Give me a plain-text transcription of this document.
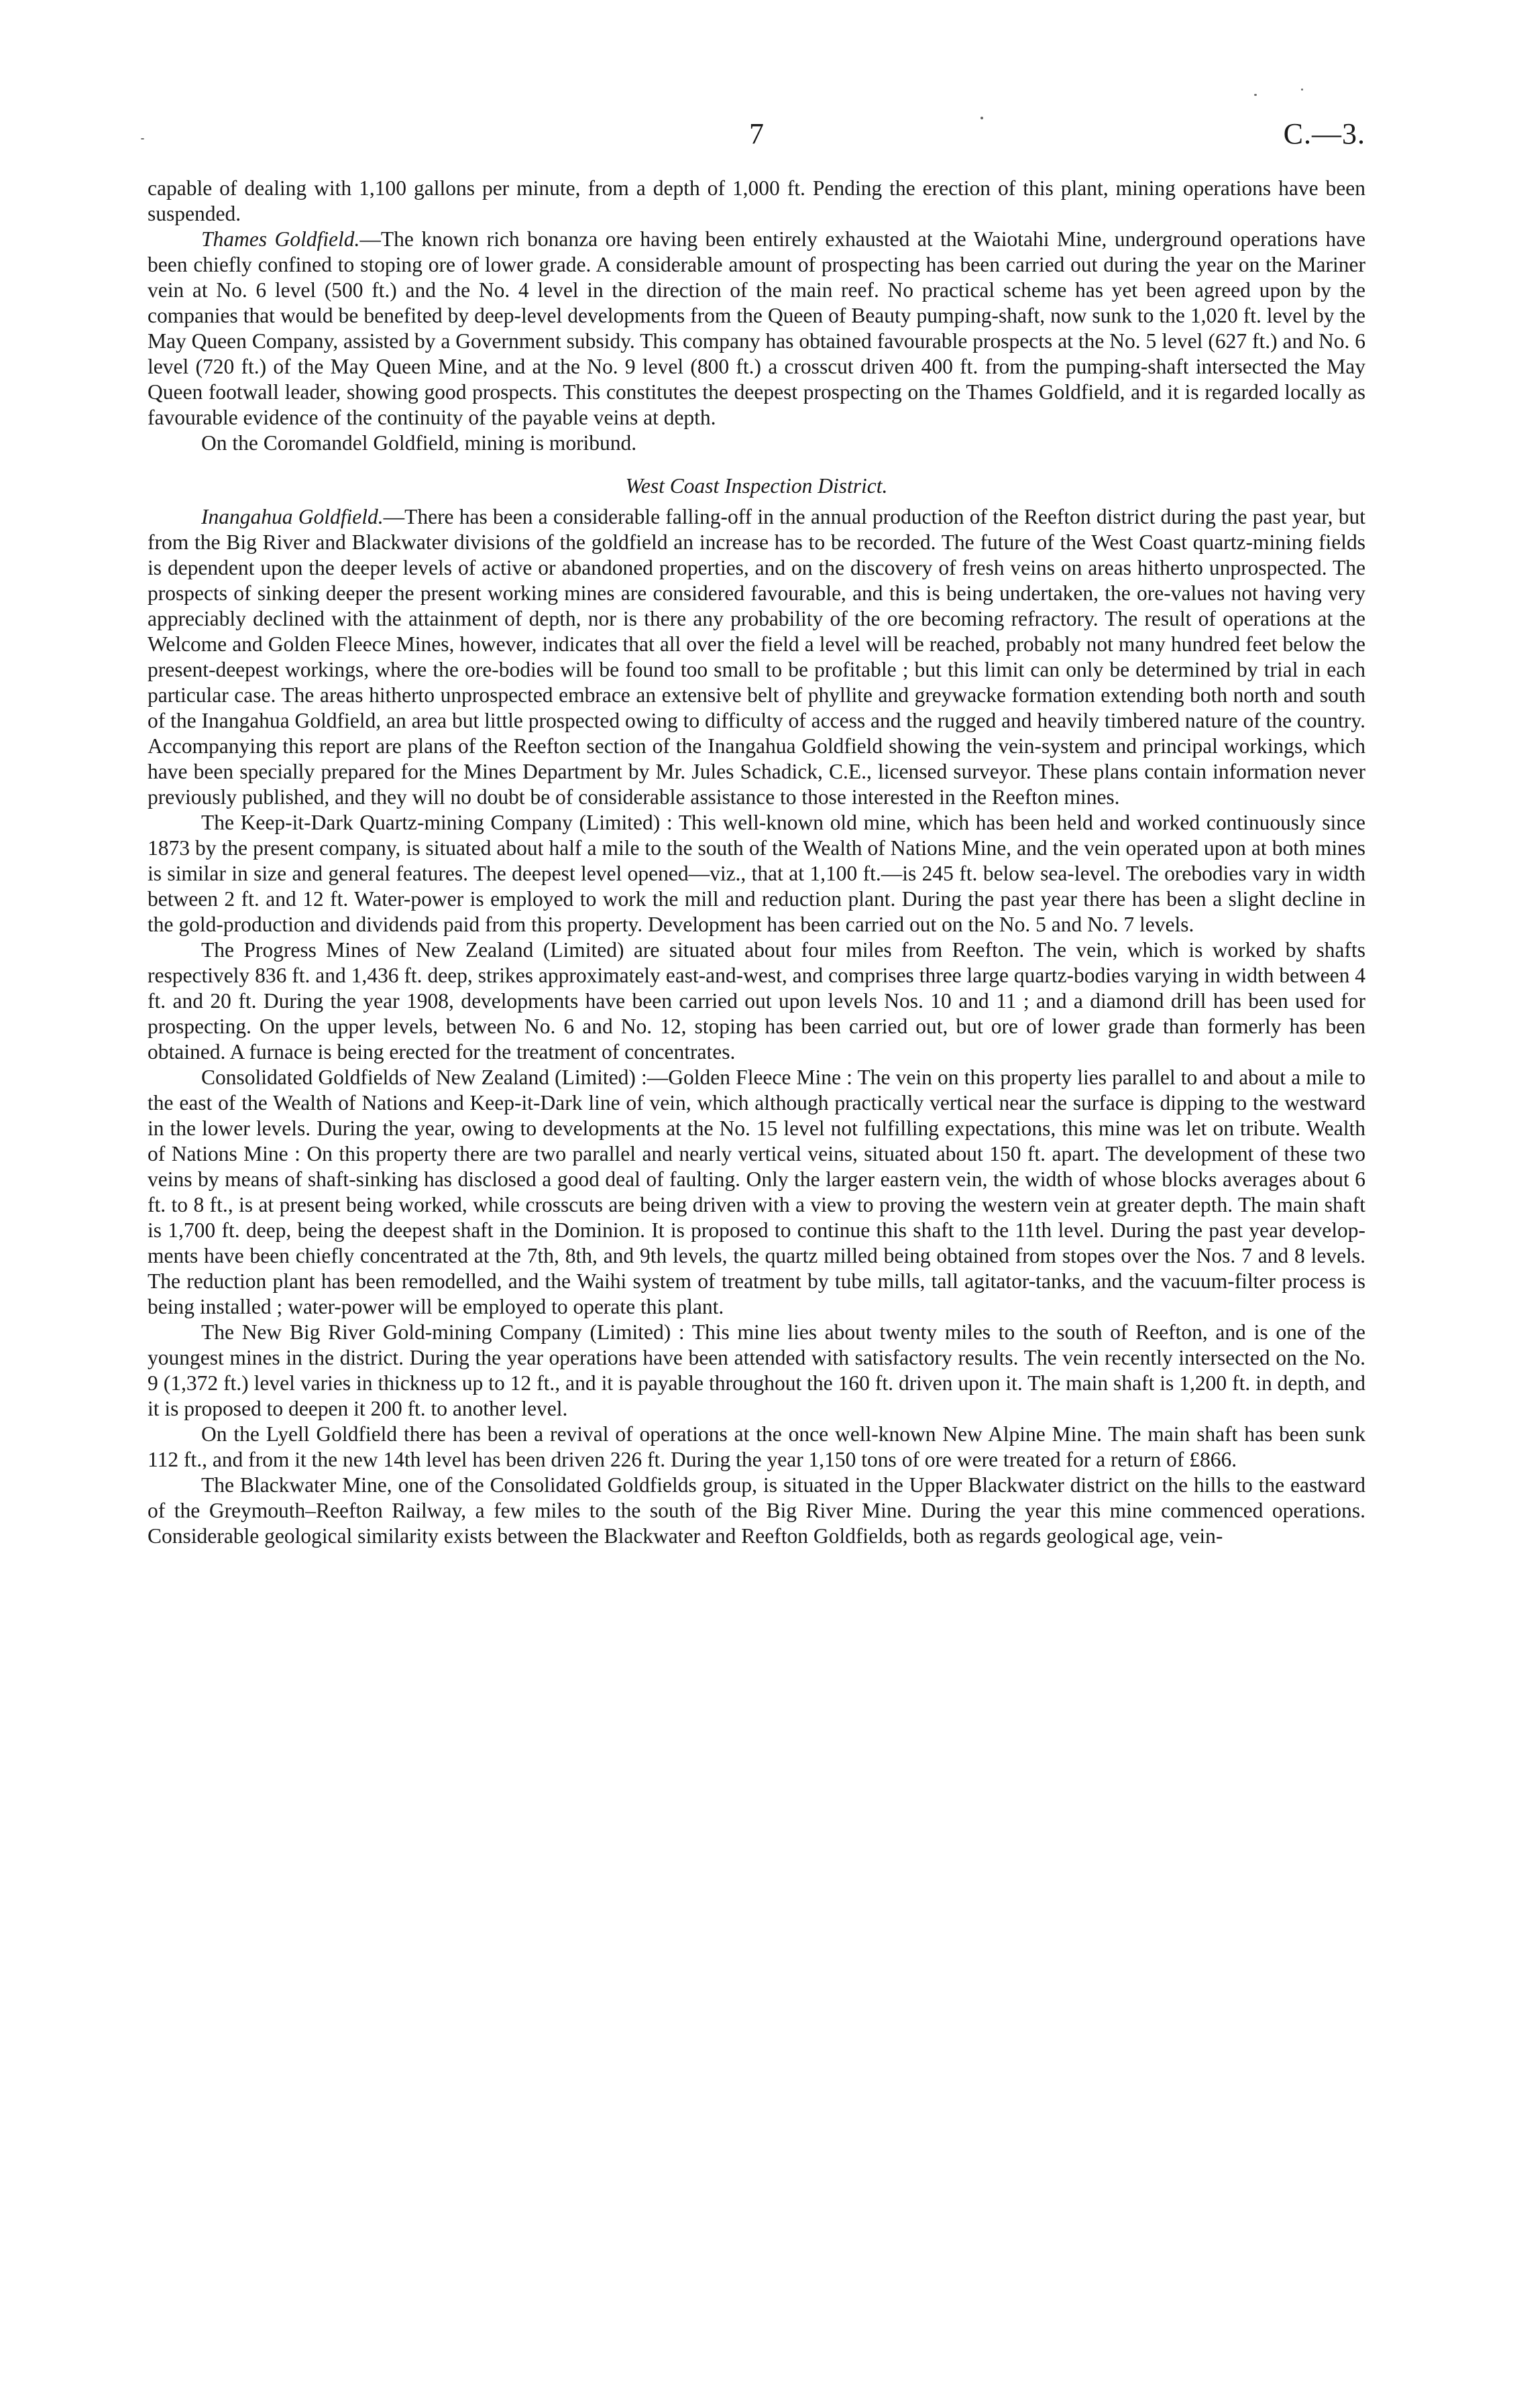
7	C.—3.

capable of dealing with 1,100 gallons per minute, from a depth of 1,000 ft. Pending the erection of this plant, mining operations have been suspended.

Thames Goldfield.—The known rich bonanza ore having been entirely exhausted at the Waiotahi Mine, underground operations have been chiefly confined to stoping ore of lower grade. A considerable amount of prospecting has been carried out during the year on the Mariner vein at No. 6 level (500 ft.) and the No. 4 level in the direction of the main reef. No practical scheme has yet been agreed upon by the companies that would be benefited by deep-level developments from the Queen of Beauty pumping-shaft, now sunk to the 1,020 ft. level by the May Queen Company, assisted by a Government subsidy. This company has obtained favourable prospects at the No. 5 level (627 ft.) and No. 6 level (720 ft.) of the May Queen Mine, and at the No. 9 level (800 ft.) a crosscut driven 400 ft. from the pumping-shaft intersected the May Queen footwall leader, showing good prospects. This constitutes the deepest prospecting on the Thames Goldfield, and it is regarded locally as favourable evidence of the continuity of the payable veins at depth.

On the Coromandel Goldfield, mining is moribund.

West Coast Inspection District.

Inangahua Goldfield.—There has been a considerable falling-off in the annual production of the Reefton district during the past year, but from the Big River and Blackwater divisions of the goldfield an increase has to be recorded. The future of the West Coast quartz-mining fields is dependent upon the deeper levels of active or abandoned properties, and on the discovery of fresh veins on areas hitherto unprospected. The prospects of sinking deeper the present working mines are considered favourable, and this is being undertaken, the ore-values not having very appreciably declined with the attainment of depth, nor is there any probability of the ore becoming refractory. The result of operations at the Welcome and Golden Fleece Mines, however, indicates that all over the field a level will be reached, probably not many hundred feet below the present-deepest workings, where the ore-bodies will be found too small to be profitable ; but this limit can only be determined by trial in each particular case. The areas hitherto unprospected embrace an extensive belt of phyllite and greywacke formation extending both north and south of the Inangahua Goldfield, an area but little prospected owing to difficulty of access and the rugged and heavily timbered nature of the country. Accompanying this report are plans of the Reefton section of the Inangahua Goldfield showing the vein-system and principal workings, which have been specially prepared for the Mines Department by Mr. Jules Schadick, C.E., licensed surveyor. These plans contain information never previously published, and they will no doubt be of considerable assistance to those interested in the Reefton mines.

The Keep-it-Dark Quartz-mining Company (Limited) : This well-known old mine, which has been held and worked continuously since 1873 by the present company, is situated about half a mile to the south of the Wealth of Nations Mine, and the vein operated upon at both mines is similar in size and general features. The deepest level opened—viz., that at 1,100 ft.—is 245 ft. below sea-level. The orebodies vary in width between 2 ft. and 12 ft. Water-power is employed to work the mill and reduction plant. During the past year there has been a slight decline in the gold-production and dividends paid from this property. Development has been carried out on the No. 5 and No. 7 levels.

The Progress Mines of New Zealand (Limited) are situated about four miles from Reefton. The vein, which is worked by shafts respectively 836 ft. and 1,436 ft. deep, strikes approximately east-and-west, and comprises three large quartz-bodies varying in width between 4 ft. and 20 ft. During the year 1908, developments have been carried out upon levels Nos. 10 and 11 ; and a diamond drill has been used for prospecting. On the upper levels, between No. 6 and No. 12, stoping has been carried out, but ore of lower grade than formerly has been obtained. A furnace is being erected for the treatment of concentrates.

Consolidated Goldfields of New Zealand (Limited) :—Golden Fleece Mine : The vein on this property lies parallel to and about a mile to the east of the Wealth of Nations and Keep-it-Dark line of vein, which although practically vertical near the surface is dipping to the westward in the lower levels. During the year, owing to developments at the No. 15 level not fulfilling expectations, this mine was let on tribute. Wealth of Nations Mine : On this property there are two parallel and nearly vertical veins, situated about 150 ft. apart. The development of these two veins by means of shaft-sinking has disclosed a good deal of faulting. Only the larger eastern vein, the width of whose blocks averages about 6 ft. to 8 ft., is at present being worked, while crosscuts are being driven with a view to proving the western vein at greater depth. The main shaft is 1,700 ft. deep, being the deepest shaft in the Dominion. It is proposed to continue this shaft to the 11th level. During the past year developments have been chiefly concentrated at the 7th, 8th, and 9th levels, the quartz milled being obtained from stopes over the Nos. 7 and 8 levels. The reduction plant has been remodelled, and the Waihi system of treatment by tube mills, tall agitator-tanks, and the vacuum-filter process is being installed ; water-power will be employed to operate this plant.

The New Big River Gold-mining Company (Limited) : This mine lies about twenty miles to the south of Reefton, and is one of the youngest mines in the district. During the year operations have been attended with satisfactory results. The vein recently intersected on the No. 9 (1,372 ft.) level varies in thickness up to 12 ft., and it is payable throughout the 160 ft. driven upon it. The main shaft is 1,200 ft. in depth, and it is proposed to deepen it 200 ft. to another level.

On the Lyell Goldfield there has been a revival of operations at the once well-known New Alpine Mine. The main shaft has been sunk 112 ft., and from it the new 14th level has been driven 226 ft. During the year 1,150 tons of ore were treated for a return of £866.

The Blackwater Mine, one of the Consolidated Goldfields group, is situated in the Upper Blackwater district on the hills to the eastward of the Greymouth–Reefton Railway, a few miles to the south of the Big River Mine. During the year this mine commenced operations. Considerable geological similarity exists between the Blackwater and Reefton Goldfields, both as regards geological age, vein-
